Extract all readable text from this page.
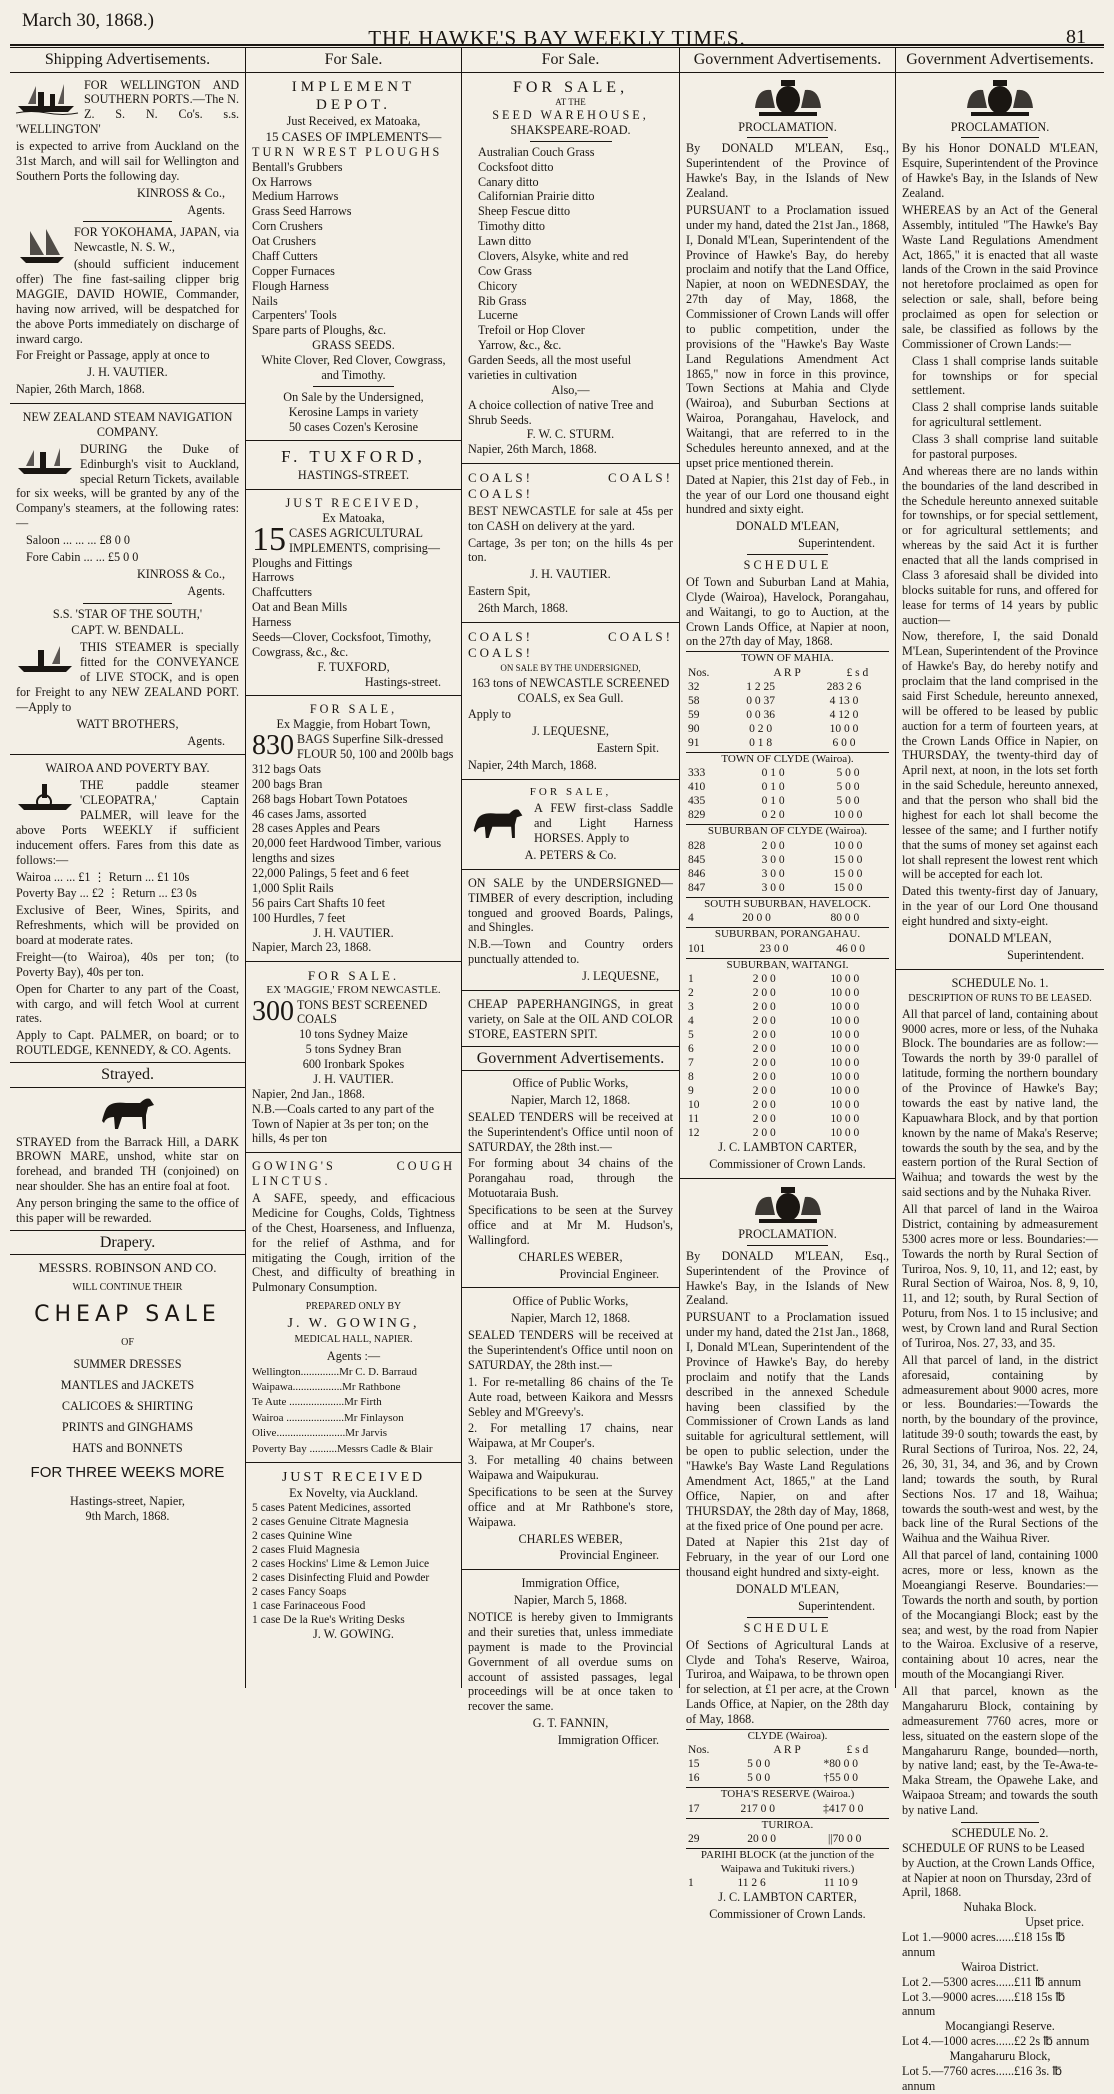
March 30, 1868.)
THE HAWKE'S BAY WEEKLY TIMES.	81
Shipping Advertisements.

FOR WELLINGTON AND SOUTHERN PORTS.—The N. Z. S. N. Co's. s.s. 'WELLINGTON'

is expected to arrive from Auckland on the 31st March, and will sail for Wellington and Southern Ports the following day.

KINROSS & Co.,

Agents.

FOR YOKOHAMA, JAPAN, via Newcastle, N. S. W.,

(should sufficient inducement offer) The fine fast-sailing clipper brig MAGGIE, DAVID HOWIE, Commander, having now arrived, will be despatched for the above Ports immediately on discharge of inward cargo.

For Freight or Passage, apply at once to

J. H. VAUTIER.

Napier, 26th March, 1868.

NEW ZEALAND STEAM NAVIGATION COMPANY.

DURING the Duke of Edinburgh's visit to Auckland, special Return Tickets, available for six weeks, will be granted by any of the Company's steamers, at the following rates:—

Saloon ... ... ... £8 0 0

Fore Cabin ... ... £5 0 0

KINROSS & Co.,

Agents.

S.S. 'STAR OF THE SOUTH,'

CAPT. W. BENDALL.

THIS STEAMER is specially fitted for the CONVEYANCE of LIVE STOCK, and is open for Freight to any NEW ZEALAND PORT.—Apply to

WATT BROTHERS,

Agents.

WAIROA AND POVERTY BAY.

THE paddle steamer 'CLEOPATRA,' Captain PALMER, will leave for the above Ports WEEKLY if sufficient inducement offers. Fares from this date as follows:—

Wairoa ... ... £1 ⋮ Return ... £1 10s

Poverty Bay ... £2 ⋮ Return ... £3 0s

Exclusive of Beer, Wines, Spirits, and Refreshments, which will be provided on board at moderate rates.

Freight—(to Wairoa), 40s per ton; (to Poverty Bay), 40s per ton.

Open for Charter to any part of the Coast, with cargo, and will fetch Wool at current rates.

Apply to Capt. PALMER, on board; or to ROUTLEDGE, KENNEDY, & CO. Agents.

Strayed.

STRAYED from the Barrack Hill, a DARK BROWN MARE, unshod, white star on forehead, and branded TH (conjoined) on near shoulder. She has an entire foal at foot.

Any person bringing the same to the office of this paper will be rewarded.

Drapery.

MESSRS. ROBINSON AND CO.

WILL CONTINUE THEIR

CHEAP SALE

OF

SUMMER DRESSES

MANTLES and JACKETS

CALICOES & SHIRTING

PRINTS and GINGHAMS

HATS and BONNETS

FOR THREE WEEKS MORE

Hastings-street, Napier,

9th March, 1868.

For Sale.

IMPLEMENT DEPOT.

Just Received, ex Matoaka,

15 CASES OF IMPLEMENTS—

TURN WREST PLOUGHS

Bentall's Grubbers

Ox Harrows

Medium Harrows

Grass Seed Harrows

Corn Crushers

Oat Crushers

Chaff Cutters

Copper Furnaces

Flough Harness

Nails

Carpenters' Tools

Spare parts of Ploughs, &c.

GRASS SEEDS.

White Clover, Red Clover, Cowgrass, and Timothy.

On Sale by the Undersigned,

Kerosine Lamps in variety

50 cases Cozen's Kerosine

F. TUXFORD,

HASTINGS-STREET.

JUST RECEIVED,

Ex Matoaka,

15 CASES AGRICULTURAL IMPLEMENTS, comprising—

Ploughs and Fittings

Harrows

Chaffcutters

Oat and Bean Mills

Harness

Seeds—Clover, Cocksfoot, Timothy, Cowgrass, &c., &c.

F. TUXFORD,

Hastings-street.

FOR SALE,

Ex Maggie, from Hobart Town,

830 BAGS Superfine Silk-dressed FLOUR 50, 100 and 200lb bags

312 bags Oats

200 bags Bran

268 bags Hobart Town Potatoes

46 cases Jams, assorted

28 cases Apples and Pears

20,000 feet Hardwood Timber, various lengths and sizes

22,000 Palings, 5 feet and 6 feet

1,000 Split Rails

56 pairs Cart Shafts 10 feet

100 Hurdles, 7 feet

J. H. VAUTIER.

Napier, March 23, 1868.

FOR SALE.

EX 'MAGGIE,' FROM NEWCASTLE.

300 TONS BEST SCREENED COALS

10 tons Sydney Maize

5 tons Sydney Bran

600 Ironbark Spokes

J. H. VAUTIER.

Napier, 2nd Jan., 1868.

N.B.—Coals carted to any part of the Town of Napier at 3s per ton; on the hills, 4s per ton

GOWING'S COUGH LINCTUS.

A SAFE, speedy, and efficacious Medicine for Coughs, Colds, Tightness of the Chest, Hoarseness, and Influenza, for the relief of Asthma, and for mitigating the Cough, irrition of the Chest, and difficulty of breathing in Pulmonary Consumption.

PREPARED ONLY BY

J. W. GOWING,

MEDICAL HALL, NAPIER.

Agents :—

Wellington..............Mr C. D. Barraud

Waipawa..................Mr Rathbone

Te Aute ....................Mr Firth

Wairoa .....................Mr Finlayson

Olive.........................Mr Jarvis

Poverty Bay ..........Messrs Cadle & Blair

JUST RECEIVED

Ex Novelty, via Auckland.

5 cases Patent Medicines, assorted

2 cases Genuine Citrate Magnesia

2 cases Quinine Wine

2 cases Fluid Magnesia

2 cases Hockins' Lime & Lemon Juice

2 cases Disinfecting Fluid and Powder

2 cases Fancy Soaps

1 case Farinaceous Food

1 case De la Rue's Writing Desks

J. W. GOWING.

For Sale.

FOR SALE,

AT THE

SEED WAREHOUSE,

SHAKSPEARE-ROAD.

Australian Couch Grass

Cocksfoot ditto

Canary ditto

Californian Prairie ditto

Sheep Fescue ditto

Timothy ditto

Lawn ditto

Clovers, Alsyke, white and red

Cow Grass

Chicory

Rib Grass

Lucerne

Trefoil or Hop Clover

Yarrow, &c., &c.

Garden Seeds, all the most useful varieties in cultivation

Also,—

A choice collection of native Tree and Shrub Seeds.

F. W. C. STURM.

Napier, 26th March, 1868.

COALS! COALS! COALS!

BEST NEWCASTLE for sale at 45s per ton CASH on delivery at the yard.

Cartage, 3s per ton; on the hills 4s per ton.

J. H. VAUTIER.

Eastern Spit,

26th March, 1868.

COALS! COALS! COALS!

ON SALE BY THE UNDERSIGNED,

163 tons of NEWCASTLE SCREENED COALS, ex Sea Gull.

Apply to

J. LEQUESNE,

Eastern Spit.

Napier, 24th March, 1868.

FOR SALE,

A FEW first-class Saddle and Light Harness HORSES. Apply to

A. PETERS & Co.

ON SALE by the UNDERSIGNED—TIMBER of every description, including tongued and grooved Boards, Palings, and Shingles.

N.B.—Town and Country orders punctually attended to.

J. LEQUESNE,

CHEAP PAPERHANGINGS, in great variety, on Sale at the OIL AND COLOR STORE, EASTERN SPIT.

Government Advertisements.

Office of Public Works,

Napier, March 12, 1868.

SEALED TENDERS will be received at the Superintendent's Office until noon of SATURDAY, the 28th inst.—

For forming about 34 chains of the Porangahau road, through the Motuotaraia Bush.

Specifications to be seen at the Survey office and at Mr M. Hudson's, Wallingford.

CHARLES WEBER,

Provincial Engineer.

Office of Public Works,

Napier, March 12, 1868.

SEALED TENDERS will be received at the Superintendent's Office until noon on SATURDAY, the 28th inst.—

1. For re-metalling 86 chains of the Te Aute road, between Kaikora and Messrs Sebley and M'Greevy's.

2. For metalling 17 chains, near Waipawa, at Mr Couper's.

3. For metalling 40 chains between Waipawa and Waipukurau.

Specifications to be seen at the Survey office and at Mr Rathbone's store, Waipawa.

CHARLES WEBER,

Provincial Engineer.

Immigration Office,

Napier, March 5, 1868.

NOTICE is hereby given to Immigrants and their sureties that, unless immediate payment is made to the Provincial Government of all overdue sums on account of assisted passages, legal proceedings will be at once taken to recover the same.

G. T. FANNIN,

Immigration Officer.

Government Advertisements.

PROCLAMATION.

By DONALD M'LEAN, Esq., Superintendent of the Province of Hawke's Bay, in the Islands of New Zealand.

PURSUANT to a Proclamation issued under my hand, dated the 21st Jan., 1868, I, Donald M'Lean, Superintendent of the Province of Hawke's Bay, do hereby proclaim and notify that the Land Office, Napier, at noon on WEDNESDAY, the 27th day of May, 1868, the Commissioner of Crown Lands will offer to public competition, under the provisions of the "Hawke's Bay Waste Land Regulations Amendment Act 1865," now in force in this province, Town Sections at Mahia and Clyde (Wairoa), and Suburban Sections at Wairoa, Porangahau, Havelock, and Waitangi, that are referred to in the Schedules hereunto annexed, and at the upset price mentioned therein.

Dated at Napier, this 21st day of Feb., in the year of our Lord one thousand eight hundred and sixty eight.

DONALD M'LEAN,

Superintendent.

SCHEDULE

Of Town and Suburban Land at Mahia, Clyde (Wairoa), Havelock, Porangahau, and Waitangi, to go to Auction, at the Crown Lands Office, at Napier at noon, on the 27th day of May, 1868.

TOWN OF MAHIA.
Nos.	A R P	£ s d
32	1 2 25	283 2 6
58	0 0 37	4 13 0
59	0 0 36	4 12 0
90	0 2 0	10 0 0
91	0 1 8	6 0 0
TOWN OF CLYDE (Wairoa).
333	0 1 0	5 0 0
410	0 1 0	5 0 0
435	0 1 0	5 0 0
829	0 2 0	10 0 0
SUBURBAN OF CLYDE (Wairoa).
828	2 0 0	10 0 0
845	3 0 0	15 0 0
846	3 0 0	15 0 0
847	3 0 0	15 0 0
SOUTH SUBURBAN, HAVELOCK.
4	20 0 0	80 0 0
SUBURBAN, PORANGAHAU.
101	23 0 0	46 0 0
SUBURBAN, WAITANGI.
1	2 0 0	10 0 0
2	2 0 0	10 0 0
3	2 0 0	10 0 0
4	2 0 0	10 0 0
5	2 0 0	10 0 0
6	2 0 0	10 0 0
7	2 0 0	10 0 0
8	2 0 0	10 0 0
9	2 0 0	10 0 0
10	2 0 0	10 0 0
11	2 0 0	10 0 0
12	2 0 0	10 0 0

J. C. LAMBTON CARTER,

Commissioner of Crown Lands.

PROCLAMATION.

By DONALD M'LEAN, Esq., Superintendent of the Province of Hawke's Bay, in the Islands of New Zealand.

PURSUANT to a Proclamation issued under my hand, dated the 21st Jan., 1868, I, Donald M'Lean, Superintendent of the Province of Hawke's Bay, do hereby proclaim and notify that the Lands described in the annexed Schedule having been classified by the Commissioner of Crown Lands as land suitable for agricultural settlement, will be open to public selection, under the "Hawke's Bay Waste Land Regulations Amendment Act, 1865," at the Land Office, Napier, on and after THURSDAY, the 28th day of May, 1868, at the fixed price of One pound per acre.

Dated at Napier this 21st day of February, in the year of our Lord one thousand eight hundred and sixty-eight.

DONALD M'LEAN,

Superintendent.

SCHEDULE

Of Sections of Agricultural Lands at Clyde and Toha's Reserve, Wairoa, Turiroa, and Waipawa, to be thrown open for selection, at £1 per acre, at the Crown Lands Office, at Napier, on the 28th day of May, 1868.

CLYDE (Wairoa).
Nos.	A R P	£ s d
15	5 0 0	*80 0 0
16	5 0 0	†55 0 0
TOHA'S RESERVE (Wairoa.)
17	217 0 0	‡417 0 0
TURIROA.
29	20 0 0	||70 0 0
PARIHI BLOCK (at the junction of the Waipawa and Tukituki rivers.)
1	11 2 6	11 10 9

J. C. LAMBTON CARTER,

Commissioner of Crown Lands.

Government Advertisements.

PROCLAMATION.

By his Honor DONALD M'LEAN, Esquire, Superintendent of the Province of Hawke's Bay, in the Islands of New Zealand.

WHEREAS by an Act of the General Assembly, intituled "The Hawke's Bay Waste Land Regulations Amendment Act, 1865," it is enacted that all waste lands of the Crown in the said Province not heretofore proclaimed as open for selection or sale, shall, before being proclaimed as open for selection or sale, be classified as follows by the Commissioner of Crown Lands:—

Class 1 shall comprise lands suitable for townships or for special settlement.

Class 2 shall comprise lands suitable for agricultural settlement.

Class 3 shall comprise land suitable for pastoral purposes.

And whereas there are no lands within the boundaries of the land described in the Schedule hereunto annexed suitable for townships, or for special settlement, or for agricultural settlements; and whereas by the said Act it is further enacted that all the lands comprised in Class 3 aforesaid shall be divided into blocks suitable for runs, and offered for lease for terms of 14 years by public auction—

Now, therefore, I, the said Donald M'Lean, Superintendent of the Province of Hawke's Bay, do hereby notify and proclaim that the land comprised in the said First Schedule, hereunto annexed, will be offered to be leased by public auction for a term of fourteen years, at the Crown Lands Office in Napier, on THURSDAY, the twenty-third day of April next, at noon, in the lots set forth in the said Schedule, hereunto annexed, and that the person who shall bid the highest for each lot shall become the lessee of the same; and I further notify that the sums of money set against each lot shall represent the lowest rent which will be accepted for each lot.

Dated this twenty-first day of January, in the year of our Lord One thousand eight hundred and sixty-eight.

DONALD M'LEAN,

Superintendent.

SCHEDULE No. 1.

DESCRIPTION OF RUNS TO BE LEASED.

All that parcel of land, containing about 9000 acres, more or less, of the Nuhaka Block. The boundaries are as follow:—Towards the north by 39·0 parallel of latitude, forming the northern boundary of the Province of Hawke's Bay; towards the east by native land, the Kapuawhara Block, and by that portion known by the name of Maka's Reserve; towards the south by the sea, and by the eastern portion of the Rural Section of Waihua; and towards the west by the said sections and by the Nuhaka River.

All that parcel of land in the Wairoa District, containing by admeasurement 5300 acres more or less. Boundaries:—Towards the north by Rural Section of Turiroa, Nos. 9, 10, 11, and 12; east, by Rural Section of Wairoa, Nos. 8, 9, 10, 11, and 12; south, by Rural Section of Poturu, from Nos. 1 to 15 inclusive; and west, by Crown land and Rural Section of Turiroa, Nos. 27, 33, and 35.

All that parcel of land, in the district aforesaid, containing by admeasurement about 9000 acres, more or less. Boundaries:—Towards the north, by the boundary of the province, latitude 39·0 south; towards the east, by Rural Sections of Turiroa, Nos. 22, 24, 26, 30, 31, 34, and 36, and by Crown land; towards the south, by Rural Sections Nos. 17 and 18, Waihua; towards the south-west and west, by the back line of the Rural Sections of the Waihua and the Waihua River.

All that parcel of land, containing 1000 acres, more or less, known as the Moeangiangi Reserve. Boundaries:—Towards the north and south, by portion of the Mocangiangi Block; east by the sea; and west, by the road from Napier to the Wairoa. Exclusive of a reserve, containing about 10 acres, near the mouth of the Mocangiangi River.

All that parcel, known as the Mangaharuru Block, containing by admeasurement 7760 acres, more or less, situated on the eastern slope of the Mangaharuru Range, bounded—north, by native land; east, by the Te-Awa-te-Maka Stream, the Opawehe Lake, and Waipaoa Stream; and towards the south by native Land.

SCHEDULE No. 2.

SCHEDULE OF RUNS to be Leased by Auction, at the Crown Lands Office, at Napier at noon on Thursday, 23rd of April, 1868.

Nuhaka Block.

Upset price.

Lot 1.—9000 acres......£18 15s ℔ annum

Wairoa District.

Lot 2.—5300 acres......£11 ℔ annum

Lot 3.—9000 acres......£18 15s ℔ annum

Mocangiangi Reserve.

Lot 4.—1000 acres......£2 2s ℔ annum

Mangaharuru Block,

Lot 5.—7760 acres......£16 3s. ℔ annum
